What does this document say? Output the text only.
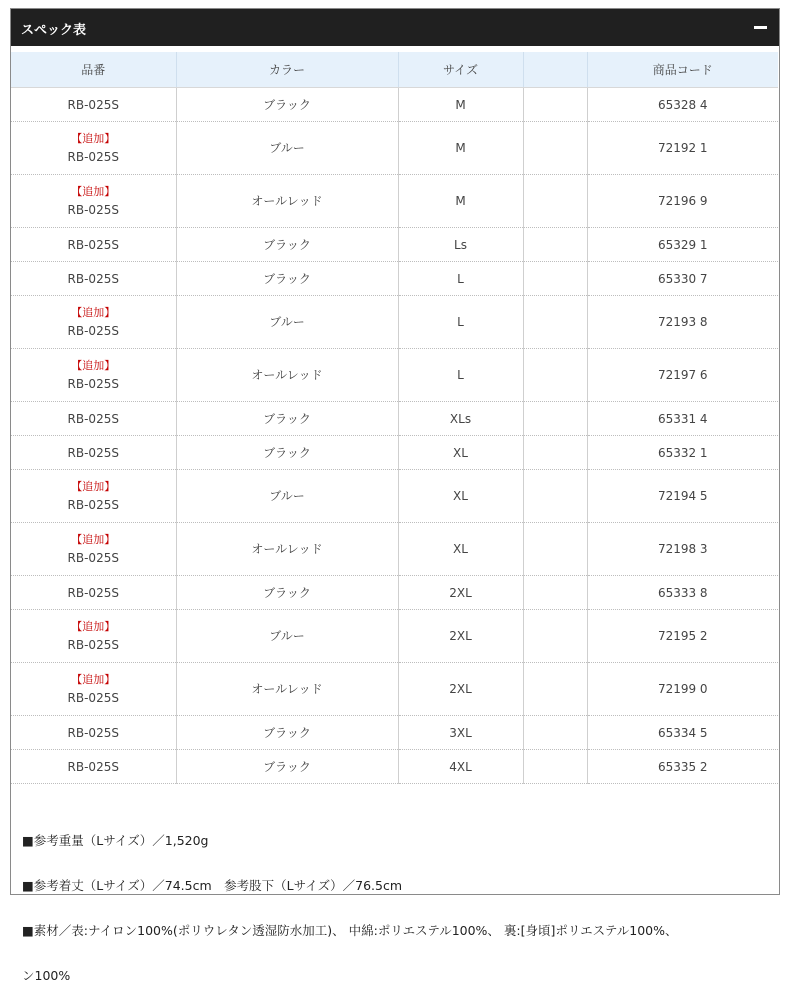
スペック表
品番	カラー	サイズ		商品コード
RB-025S	ブラック	M		65328 4

【追加】
RB-025S	ブルー	M		72192 1

【追加】
RB-025S	オールレッド	M		72196 9
RB-025S	ブラック	Ls		65329 1
RB-025S	ブラック	L		65330 7

【追加】
RB-025S	ブルー	L		72193 8

【追加】
RB-025S	オールレッド	L		72197 6
RB-025S	ブラック	XLs		65331 4
RB-025S	ブラック	XL		65332 1

【追加】
RB-025S	ブルー	XL		72194 5

【追加】
RB-025S	オールレッド	XL		72198 3
RB-025S	ブラック	2XL		65333 8

【追加】
RB-025S	ブルー	2XL		72195 2

【追加】
RB-025S	オールレッド	2XL		72199 0
RB-025S	ブラック	3XL		65334 5
RB-025S	ブラック	4XL		65335 2

■参考重量（Lサイズ）／1,520g

■参考着丈（Lサイズ）／74.5cm　参考股下（Lサイズ）／76.5cm

■素材／表:ナイロン100%(ポリウレタン透湿防水加工)、 中綿:ポリエステル100%、 裏:[身頃]ポリエステル100%、

ン100%
